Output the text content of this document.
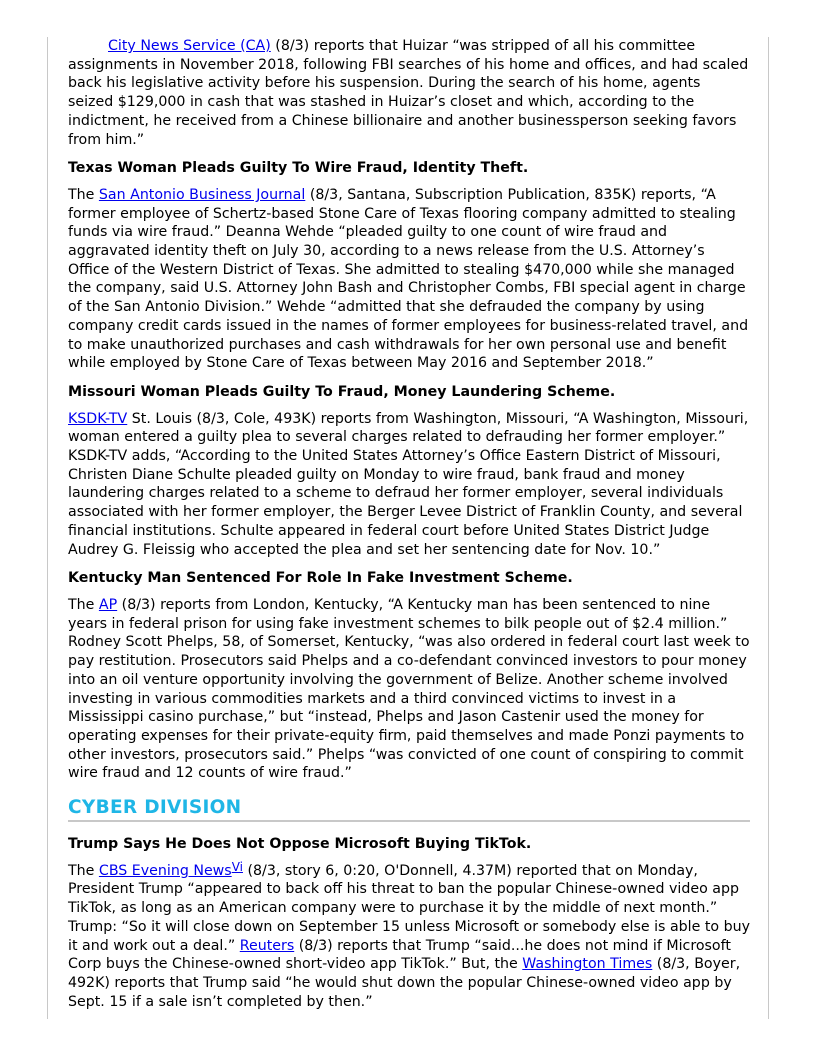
City News Service (CA) (8/3) reports that Huizar “was stripped of all his committee assignments in November 2018, following FBI searches of his home and offices, and had scaled back his legislative activity before his suspension. During the search of his home, agents seized $129,000 in cash that was stashed in Huizar’s closet and which, according to the indictment, he received from a Chinese billionaire and another businessperson seeking favors from him.”

Texas Woman Pleads Guilty To Wire Fraud, Identity Theft.

The San Antonio Business Journal (8/3, Santana, Subscription Publication, 835K) reports, “A former employee of Schertz-based Stone Care of Texas flooring company admitted to stealing funds via wire fraud.” Deanna Wehde “pleaded guilty to one count of wire fraud and aggravated identity theft on July 30, according to a news release from the U.S. Attorney’s Office of the Western District of Texas. She admitted to stealing $470,000 while she managed the company, said U.S. Attorney John Bash and Christopher Combs, FBI special agent in charge of the San Antonio Division.” Wehde “admitted that she defrauded the company by using company credit cards issued in the names of former employees for business-related travel, and to make unauthorized purchases and cash withdrawals for her own personal use and benefit while employed by Stone Care of Texas between May 2016 and September 2018.”

Missouri Woman Pleads Guilty To Fraud, Money Laundering Scheme.

KSDK-TV St. Louis (8/3, Cole, 493K) reports from Washington, Missouri, “A Washington, Missouri, woman entered a guilty plea to several charges related to defrauding her former employer.” KSDK-TV adds, “According to the United States Attorney’s Office Eastern District of Missouri, Christen Diane Schulte pleaded guilty on Monday to wire fraud, bank fraud and money laundering charges related to a scheme to defraud her former employer, several individuals associated with her former employer, the Berger Levee District of Franklin County, and several financial institutions. Schulte appeared in federal court before United States District Judge Audrey G. Fleissig who accepted the plea and set her sentencing date for Nov. 10.”

Kentucky Man Sentenced For Role In Fake Investment Scheme.

The AP (8/3) reports from London, Kentucky, “A Kentucky man has been sentenced to nine years in federal prison for using fake investment schemes to bilk people out of $2.4 million.” Rodney Scott Phelps, 58, of Somerset, Kentucky, “was also ordered in federal court last week to pay restitution. Prosecutors said Phelps and a co-defendant convinced investors to pour money into an oil venture opportunity involving the government of Belize. Another scheme involved investing in various commodities markets and a third convinced victims to invest in a Mississippi casino purchase,” but “instead, Phelps and Jason Castenir used the money for operating expenses for their private-equity firm, paid themselves and made Ponzi payments to other investors, prosecutors said.” Phelps “was convicted of one count of conspiring to commit wire fraud and 12 counts of wire fraud.”

CYBER DIVISION
Trump Says He Does Not Oppose Microsoft Buying TikTok.

The CBS Evening News$^{Vi}$ (8/3, story 6, 0:20, O'Donnell, 4.37M) reported that on Monday, President Trump “appeared to back off his threat to ban the popular Chinese-owned video app TikTok, as long as an American company were to purchase it by the middle of next month.” Trump: “So it will close down on September 15 unless Microsoft or somebody else is able to buy it and work out a deal.” Reuters (8/3) reports that Trump “said...he does not mind if Microsoft Corp buys the Chinese-owned short-video app TikTok.” But, the Washington Times (8/3, Boyer, 492K) reports that Trump said “he would shut down the popular Chinese-owned video app by Sept. 15 if a sale isn’t completed by then.”
